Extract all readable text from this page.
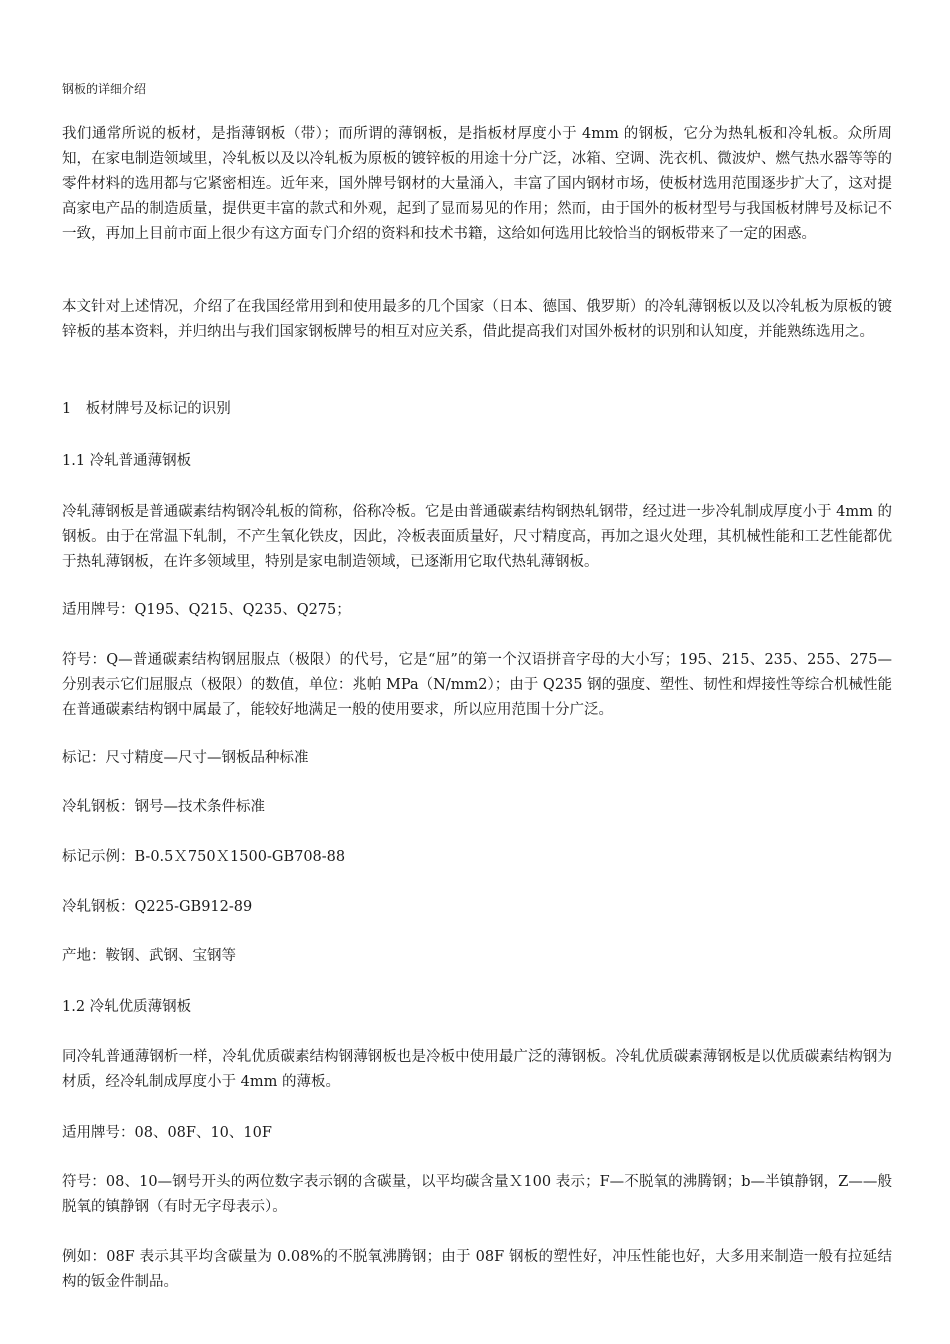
钢板的详细介绍

我们通常所说的板材，是指薄钢板（带）；而所谓的薄钢板，是指板材厚度小于 4mm 的钢板，它分为热轧板和冷轧板。众所周知，在家电制造领域里，冷轧板以及以冷轧板为原板的镀锌板的用途十分广泛，冰箱、空调、洗衣机、微波炉、燃气热水器等等的零件材料的选用都与它紧密相连。近年来，国外牌号钢材的大量涌入，丰富了国内钢材市场，使板材选用范围逐步扩大了，这对提高家电产品的制造质量，提供更丰富的款式和外观，起到了显而易见的作用；然而，由于国外的板材型号与我国板材牌号及标记不一致，再加上目前市面上很少有这方面专门介绍的资料和技术书籍，这给如何选用比较恰当的钢板带来了一定的困惑。

本文针对上述情况，介绍了在我国经常用到和使用最多的几个国家（日本、德国、俄罗斯）的冷轧薄钢板以及以冷轧板为原板的镀锌板的基本资料，并归纳出与我们国家钢板牌号的相互对应关系，借此提高我们对国外板材的识别和认知度，并能熟练选用之。

1　板材牌号及标记的识别
1.1 冷轧普通薄钢板

冷轧薄钢板是普通碳素结构钢冷轧板的简称，俗称冷板。它是由普通碳素结构钢热轧钢带，经过进一步冷轧制成厚度小于 4mm 的钢板。由于在常温下轧制，不产生氧化铁皮，因此，冷板表面质量好，尺寸精度高，再加之退火处理，其机械性能和工艺性能都优于热轧薄钢板，在许多领域里，特别是家电制造领域，已逐渐用它取代热轧薄钢板。

适用牌号：Q195、Q215、Q235、Q275；

符号：Q—普通碳素结构钢屈服点（极限）的代号，它是“屈”的第一个汉语拼音字母的大小写；195、215、235、255、275—分别表示它们屈服点（极限）的数值，单位：兆帕 MPa（N/mm2）；由于 Q235 钢的强度、塑性、韧性和焊接性等综合机械性能在普通碳素结构钢中属最了，能较好地满足一般的使用要求，所以应用范围十分广泛。

标记：尺寸精度—尺寸—钢板品种标准

冷轧钢板：钢号—技术条件标准

标记示例：B-0.5Ｘ750Ｘ1500-GB708-88

冷轧钢板：Q225-GB912-89

产地：鞍钢、武钢、宝钢等

1.2 冷轧优质薄钢板

同冷轧普通薄钢析一样，冷轧优质碳素结构钢薄钢板也是冷板中使用最广泛的薄钢板。冷轧优质碳素薄钢板是以优质碳素结构钢为材质，经冷轧制成厚度小于 4mm 的薄板。

适用牌号：08、08F、10、10F

符号：08、10—钢号开头的两位数字表示钢的含碳量，以平均碳含量Ｘ100 表示；F—不脱氧的沸腾钢；b—半镇静钢，Z——般脱氧的镇静钢（有时无字母表示）。

例如：08F 表示其平均含碳量为 0.08%的不脱氧沸腾钢；由于 08F 钢板的塑性好，冲压性能也好，大多用来制造一般有拉延结构的钣金件制品。
